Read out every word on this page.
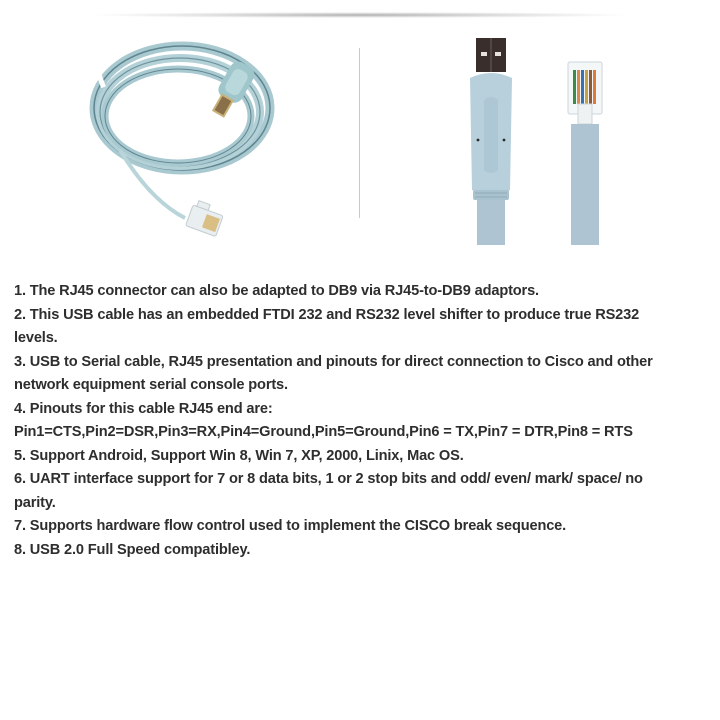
1. The RJ45 connector can also be adapted to DB9 via RJ45-to-DB9 adaptors.
2. This USB cable has an embedded FTDI 232 and RS232 level shifter to produce true RS232
levels.
3. USB to Serial cable, RJ45 presentation and pinouts for direct connection to Cisco and other
network equipment serial console ports.
4. Pinouts for this cable RJ45 end are:
Pin1=CTS,Pin2=DSR,Pin3=RX,Pin4=Ground,Pin5=Ground,Pin6 = TX,Pin7 = DTR,Pin8 = RTS
5. Support Android, Support Win 8, Win 7, XP, 2000, Linix, Mac OS.
6. UART interface support for 7 or 8 data bits, 1 or 2 stop bits and odd/ even/ mark/ space/ no
parity.
7. Supports hardware flow control used to implement the CISCO break sequence.
8. USB 2.0 Full Speed compatibley.
